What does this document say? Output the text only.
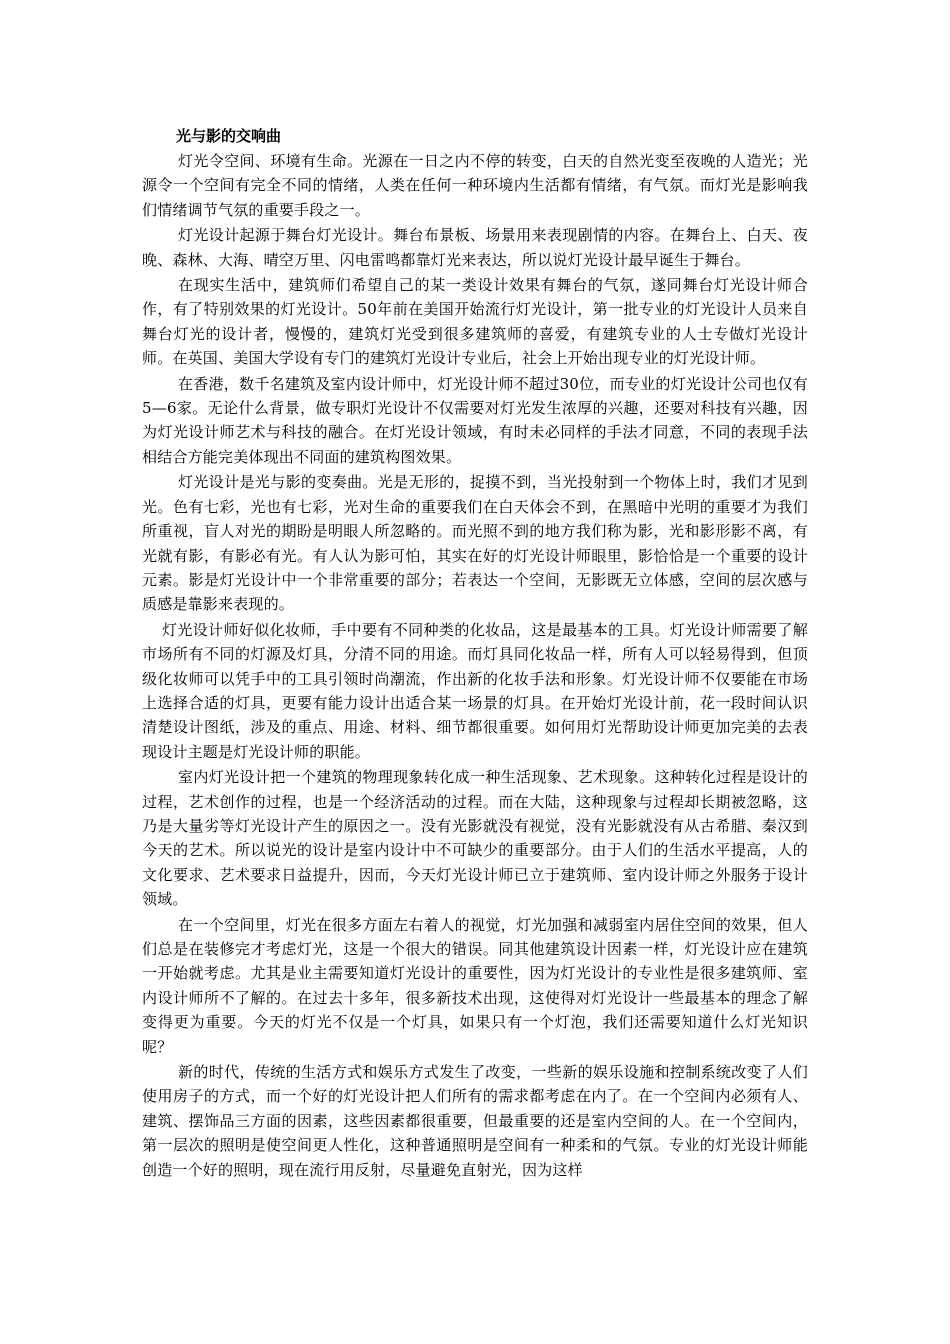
光与影的交响曲

灯光令空间、环境有生命。光源在一日之内不停的转变，白天的自然光变至夜晚的人造光；光源令一个空间有完全不同的情绪，人类在任何一种环境内生活都有情绪，有气氛。而灯光是影响我们情绪调节气氛的重要手段之一。

灯光设计起源于舞台灯光设计。舞台布景板、场景用来表现剧情的内容。在舞台上、白天、夜晚、森林、大海、晴空万里、闪电雷鸣都靠灯光来表达，所以说灯光设计最早诞生于舞台。

在现实生活中，建筑师们希望自己的某一类设计效果有舞台的气氛，遂同舞台灯光设计师合作，有了特别效果的灯光设计。50年前在美国开始流行灯光设计，第一批专业的灯光设计人员来自舞台灯光的设计者，慢慢的，建筑灯光受到很多建筑师的喜爱，有建筑专业的人士专做灯光设计师。在英国、美国大学设有专门的建筑灯光设计专业后，社会上开始出现专业的灯光设计师。

在香港，数千名建筑及室内设计师中，灯光设计师不超过30位，而专业的灯光设计公司也仅有5—6家。无论什么背景，做专职灯光设计不仅需要对灯光发生浓厚的兴趣，还要对科技有兴趣，因为灯光设计师艺术与科技的融合。在灯光设计领域，有时未必同样的手法才同意，不同的表现手法相结合方能完美体现出不同面的建筑构图效果。

灯光设计是光与影的变奏曲。光是无形的，捉摸不到，当光投射到一个物体上时，我们才见到光。色有七彩，光也有七彩，光对生命的重要我们在白天体会不到，在黑暗中光明的重要才为我们所重视，盲人对光的期盼是明眼人所忽略的。而光照不到的地方我们称为影，光和影形影不离，有光就有影，有影必有光。有人认为影可怕，其实在好的灯光设计师眼里，影恰恰是一个重要的设计元素。影是灯光设计中一个非常重要的部分；若表达一个空间，无影既无立体感，空间的层次感与质感是靠影来表现的。

灯光设计师好似化妆师，手中要有不同种类的化妆品，这是最基本的工具。灯光设计师需要了解市场所有不同的灯源及灯具，分清不同的用途。而灯具同化妆品一样，所有人可以轻易得到，但顶级化妆师可以凭手中的工具引领时尚潮流，作出新的化妆手法和形象。灯光设计师不仅要能在市场上选择合适的灯具，更要有能力设计出适合某一场景的灯具。在开始灯光设计前，花一段时间认识清楚设计图纸，涉及的重点、用途、材料、细节都很重要。如何用灯光帮助设计师更加完美的去表现设计主题是灯光设计师的职能。

室内灯光设计把一个建筑的物理现象转化成一种生活现象、艺术现象。这种转化过程是设计的过程，艺术创作的过程，也是一个经济活动的过程。而在大陆，这种现象与过程却长期被忽略，这乃是大量劣等灯光设计产生的原因之一。没有光影就没有视觉，没有光影就没有从古希腊、秦汉到今天的艺术。所以说光的设计是室内设计中不可缺少的重要部分。由于人们的生活水平提高，人的文化要求、艺术要求日益提升，因而，今天灯光设计师已立于建筑师、室内设计师之外服务于设计领域。

在一个空间里，灯光在很多方面左右着人的视觉，灯光加强和减弱室内居住空间的效果，但人们总是在装修完才考虑灯光，这是一个很大的错误。同其他建筑设计因素一样，灯光设计应在建筑一开始就考虑。尤其是业主需要知道灯光设计的重要性，因为灯光设计的专业性是很多建筑师、室内设计师所不了解的。在过去十多年，很多新技术出现，这使得对灯光设计一些最基本的理念了解变得更为重要。今天的灯光不仅是一个灯具，如果只有一个灯泡，我们还需要知道什么灯光知识呢？

新的时代，传统的生活方式和娱乐方式发生了改变，一些新的娱乐设施和控制系统改变了人们使用房子的方式，而一个好的灯光设计把人们所有的需求都考虑在内了。在一个空间内必须有人、建筑、摆饰品三方面的因素，这些因素都很重要，但最重要的还是室内空间的人。在一个空间内，第一层次的照明是使空间更人性化，这种普通照明是空间有一种柔和的气氛。专业的灯光设计师能创造一个好的照明，现在流行用反射，尽量避免直射光，因为这样
